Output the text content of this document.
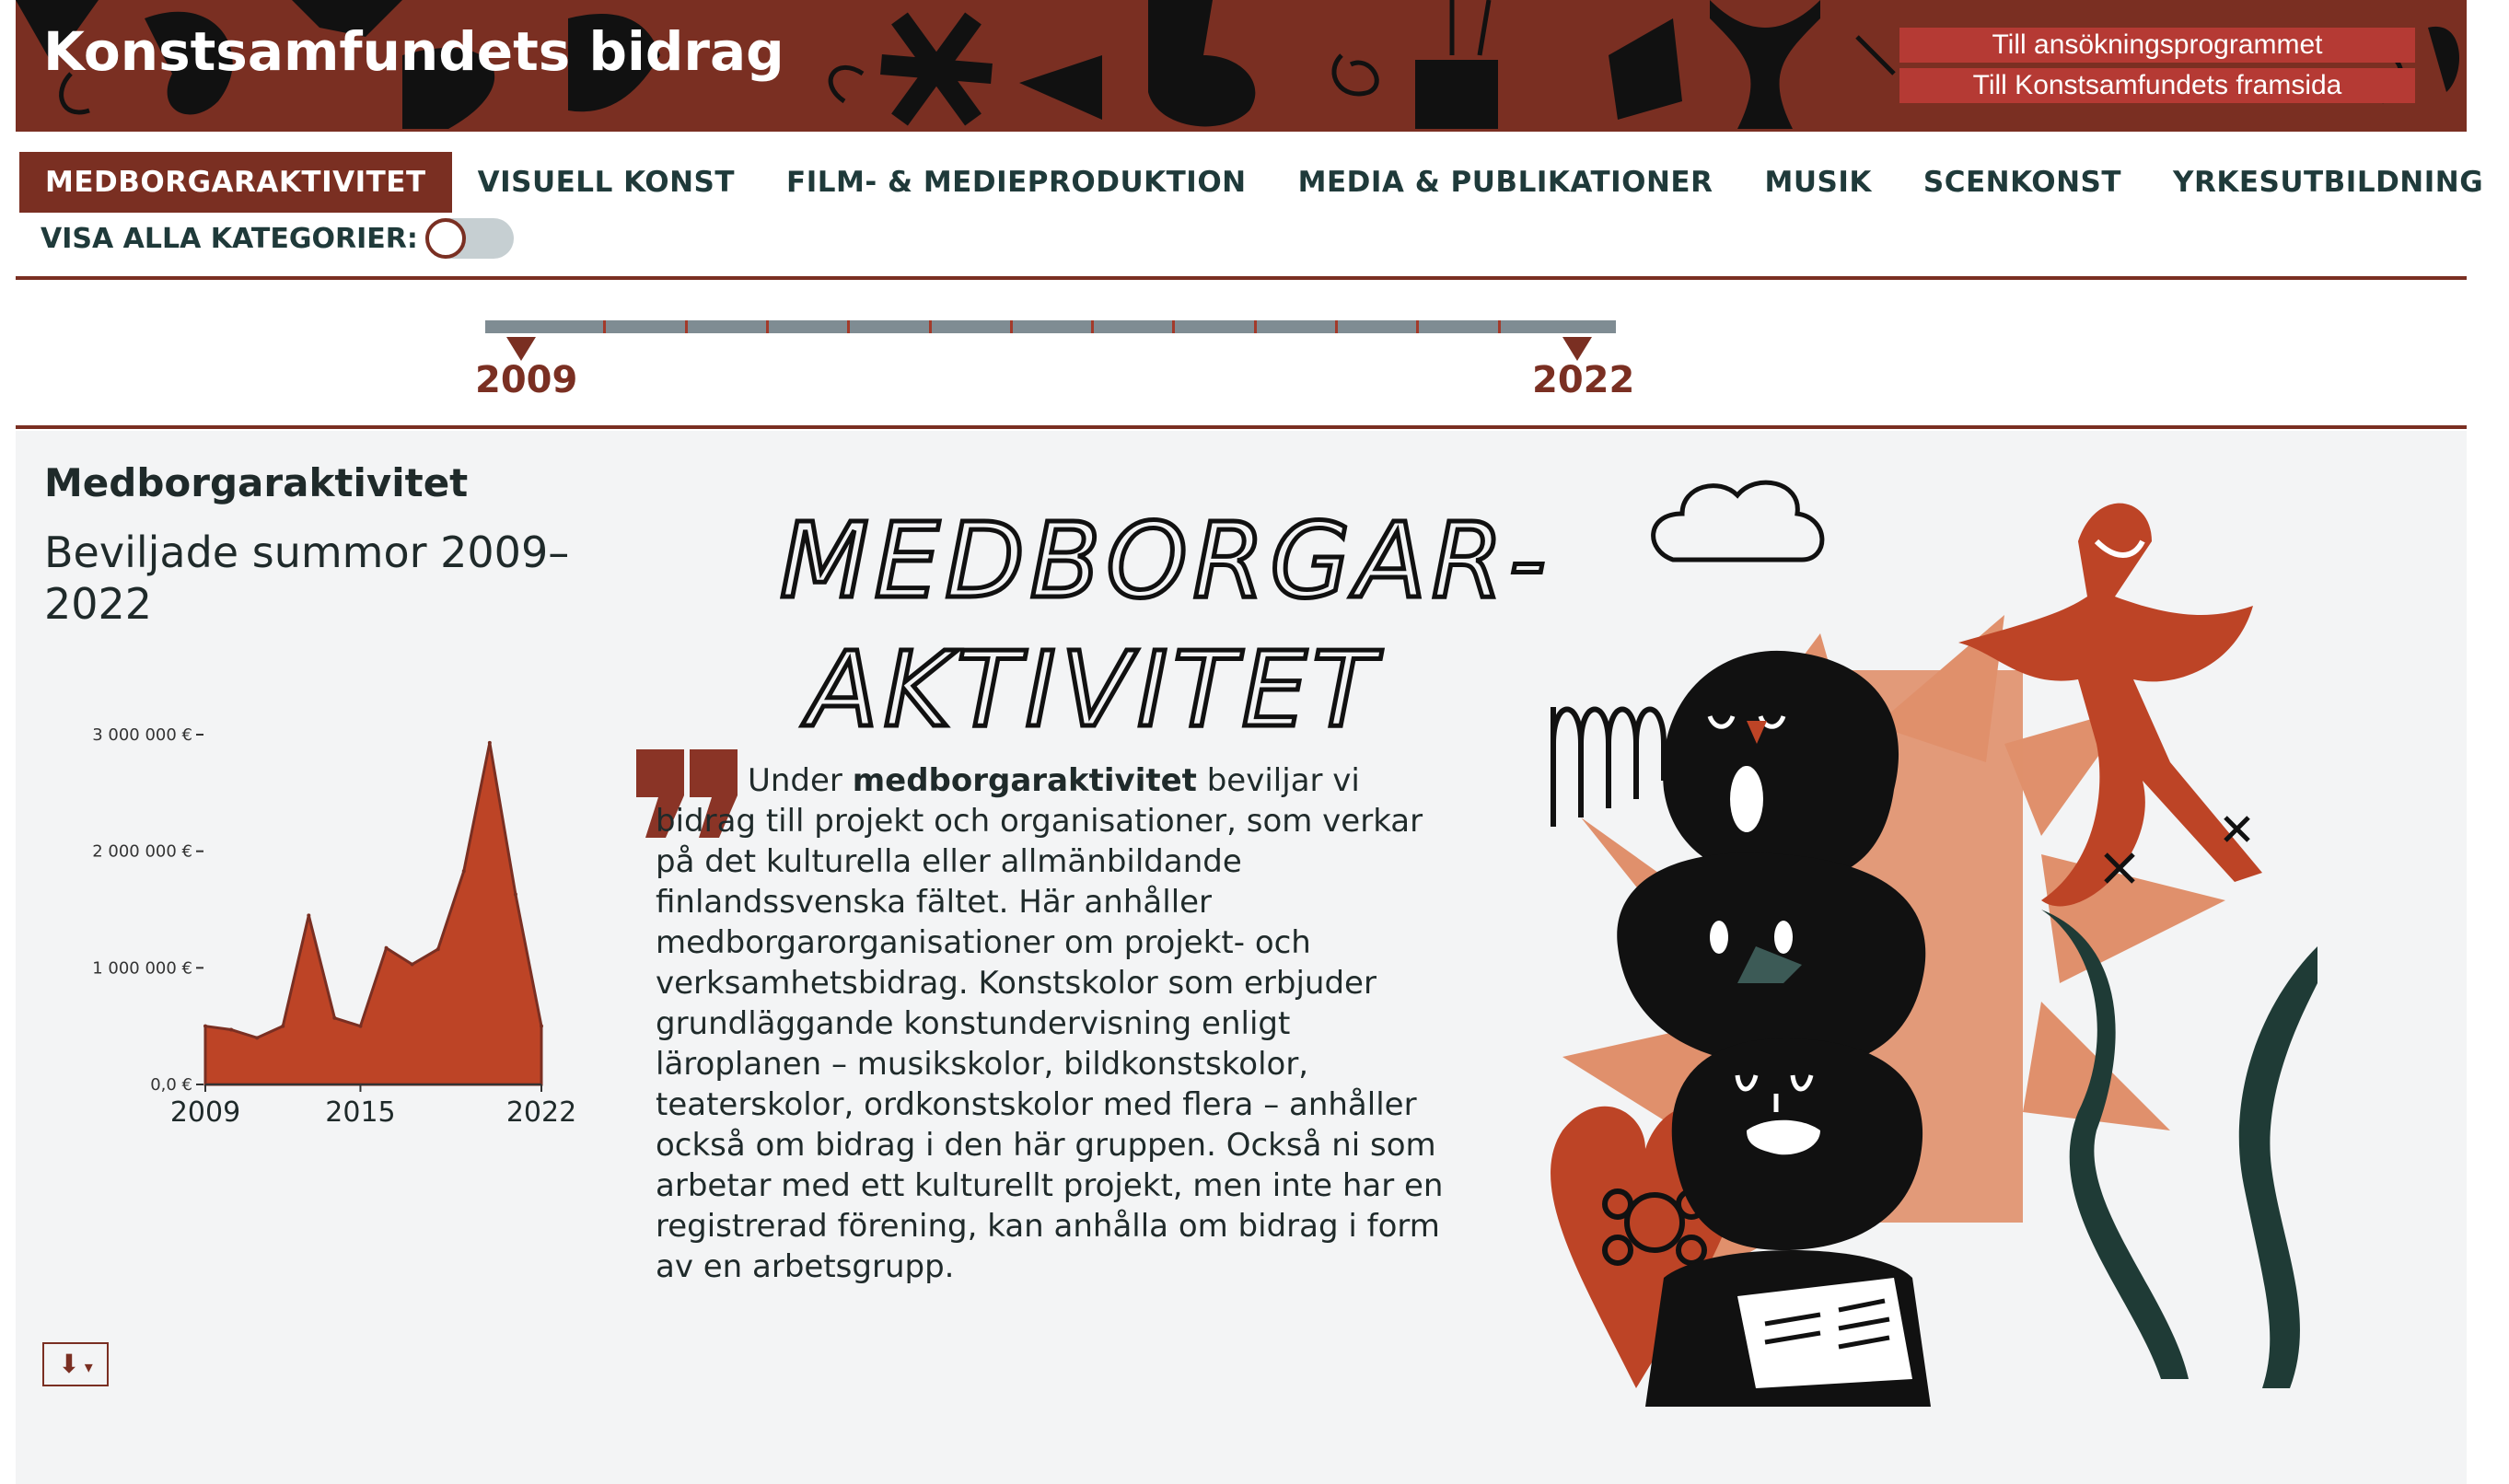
Konstsamfundets bidrag	Till ansökningsprogrammet
Till Konstsamfundets framsida
MEDBORGARAKTIVITET	VISUELL KONST	FILM- & MEDIEPRODUKTION	MEDIA & PUBLIKATIONER	MUSIK	SCENKONST	YRKESUTBILDNING
VISA ALLA KATEGORIER:
2009	2022
Medborgaraktivitet
Beviljade summor 2009–2022
0,0 €
1 000 000 €
2 000 000 €
3 000 000 €
2009	2015	2022
⬇ ▾
MEDBORGAR-
AKTIVITET
Under medborgaraktivitet beviljar vi bidrag till projekt och organisationer, som verkar på det kulturella eller allmänbildande finlandssvenska fältet. Här anhåller medborgarorganisationer om projekt- och verksamhetsbidrag. Konstskolor som erbjuder grundläggande konstundervisning enligt läroplanen – musikskolor, bildkonstskolor, teaterskolor, ordkonstskolor med flera – anhåller också om bidrag i den här gruppen. Också ni som arbetar med ett kulturellt projekt, men inte har en registrerad förening, kan anhålla om bidrag i form av en arbetsgrupp.
